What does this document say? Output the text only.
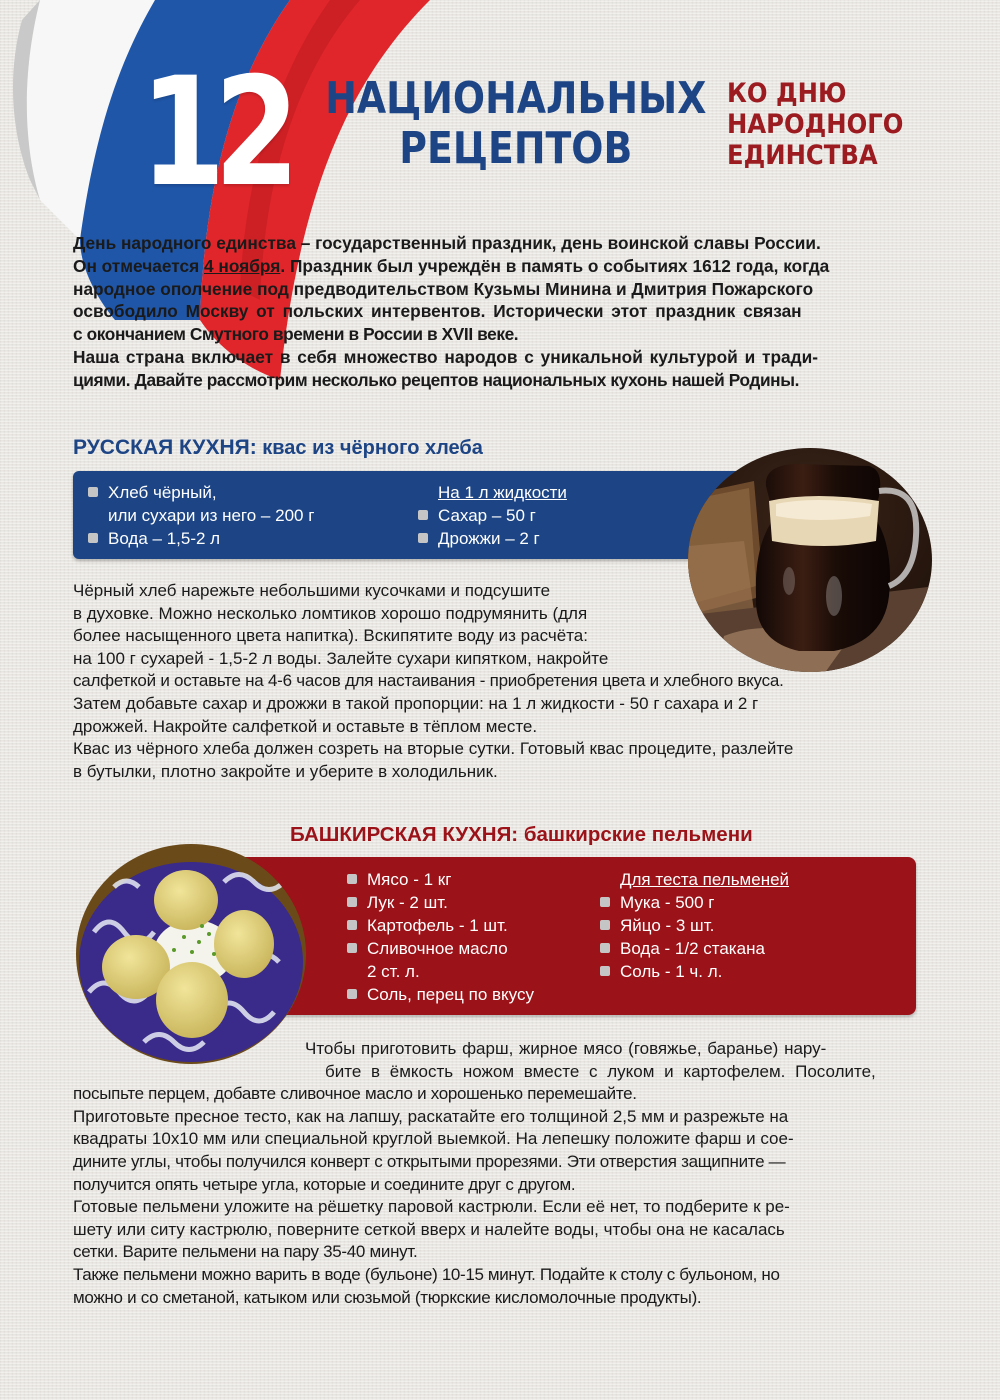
12 НАЦИОНАЛЬНЫХ
РЕЦЕПТОВ
КО ДНЮ
НАРОДНОГО
ЕДИНСТВА
День народного единства – государственный праздник, день воинской славы России.
Он отмечается 4 ноября. Праздник был учреждён в память о событиях 1612 года, когда
народное ополчение под предводительством Кузьмы Минина и Дмитрия Пожарского
освободило Москву от польских интервентов. Исторически этот праздник связан
с окончанием Смутного времени в России в XVII веке.
Наша страна включает в себя множество народов с уникальной культурой и тради-
циями. Давайте рассмотрим несколько рецептов национальных кухонь нашей Родины.
РУССКАЯ КУХНЯ: квас из чёрного хлеба
Хлеб чёрный,
или сухари из него – 200 г
Вода – 1,5-2 л
На 1 л жидкости
Сахар – 50 г
Дрожжи – 2 г
Чёрный хлеб нарежьте небольшими кусочками и подсушите
в духовке. Можно несколько ломтиков хорошо подрумянить (для
более насыщенного цвета напитка). Вскипятите воду из расчёта:
на 100 г сухарей - 1,5-2 л воды. Залейте сухари кипятком, накройте
салфеткой и оставьте на 4-6 часов для настаивания - приобретения цвета и хлебного вкуса.
Затем добавьте сахар и дрожжи в такой пропорции: на 1 л жидкости - 50 г сахара и 2 г
дрожжей. Накройте салфеткой и оставьте в тёплом месте.
Квас из чёрного хлеба должен созреть на вторые сутки. Готовый квас процедите, разлейте
в бутылки, плотно закройте и уберите в холодильник.
БАШКИРСКАЯ КУХНЯ: башкирские пельмени
Мясо - 1 кг
Лук - 2 шт.
Картофель - 1 шт.
Сливочное масло
2 ст. л.
Соль, перец по вкусу
Для теста пельменей
Мука - 500 г
Яйцо - 3 шт.
Вода - 1/2 стакана
Соль - 1 ч. л.
Чтобы приготовить фарш, жирное мясо (говяжье, баранье) нару-
бите в ёмкость ножом вместе с луком и картофелем. Посолите,
посыпьте перцем, добавте сливочное масло и хорошенько перемешайте.
Приготовьте пресное тесто, как на лапшу, раскатайте его толщиной 2,5 мм и разрежьте на
квадраты 10х10 мм или специальной круглой выемкой. На лепешку положите фарш и сое-
дините углы, чтобы получился конверт с открытыми прорезями. Эти отверстия защипните —
получится опять четыре угла, которые и соедините друг с другом.
Готовые пельмени уложите на рёшетку паровой кастрюли. Если её нет, то подберите к ре-
шету или ситу кастрюлю, поверните сеткой вверх и налейте воды, чтобы она не касалась
сетки. Варите пельмени на пару 35-40 минут.
Также пельмени можно варить в воде (бульоне) 10-15 минут. Подайте к столу с бульоном, но
можно и со сметаной, катыком или сюзьмой (тюркские кисломолочные продукты).
